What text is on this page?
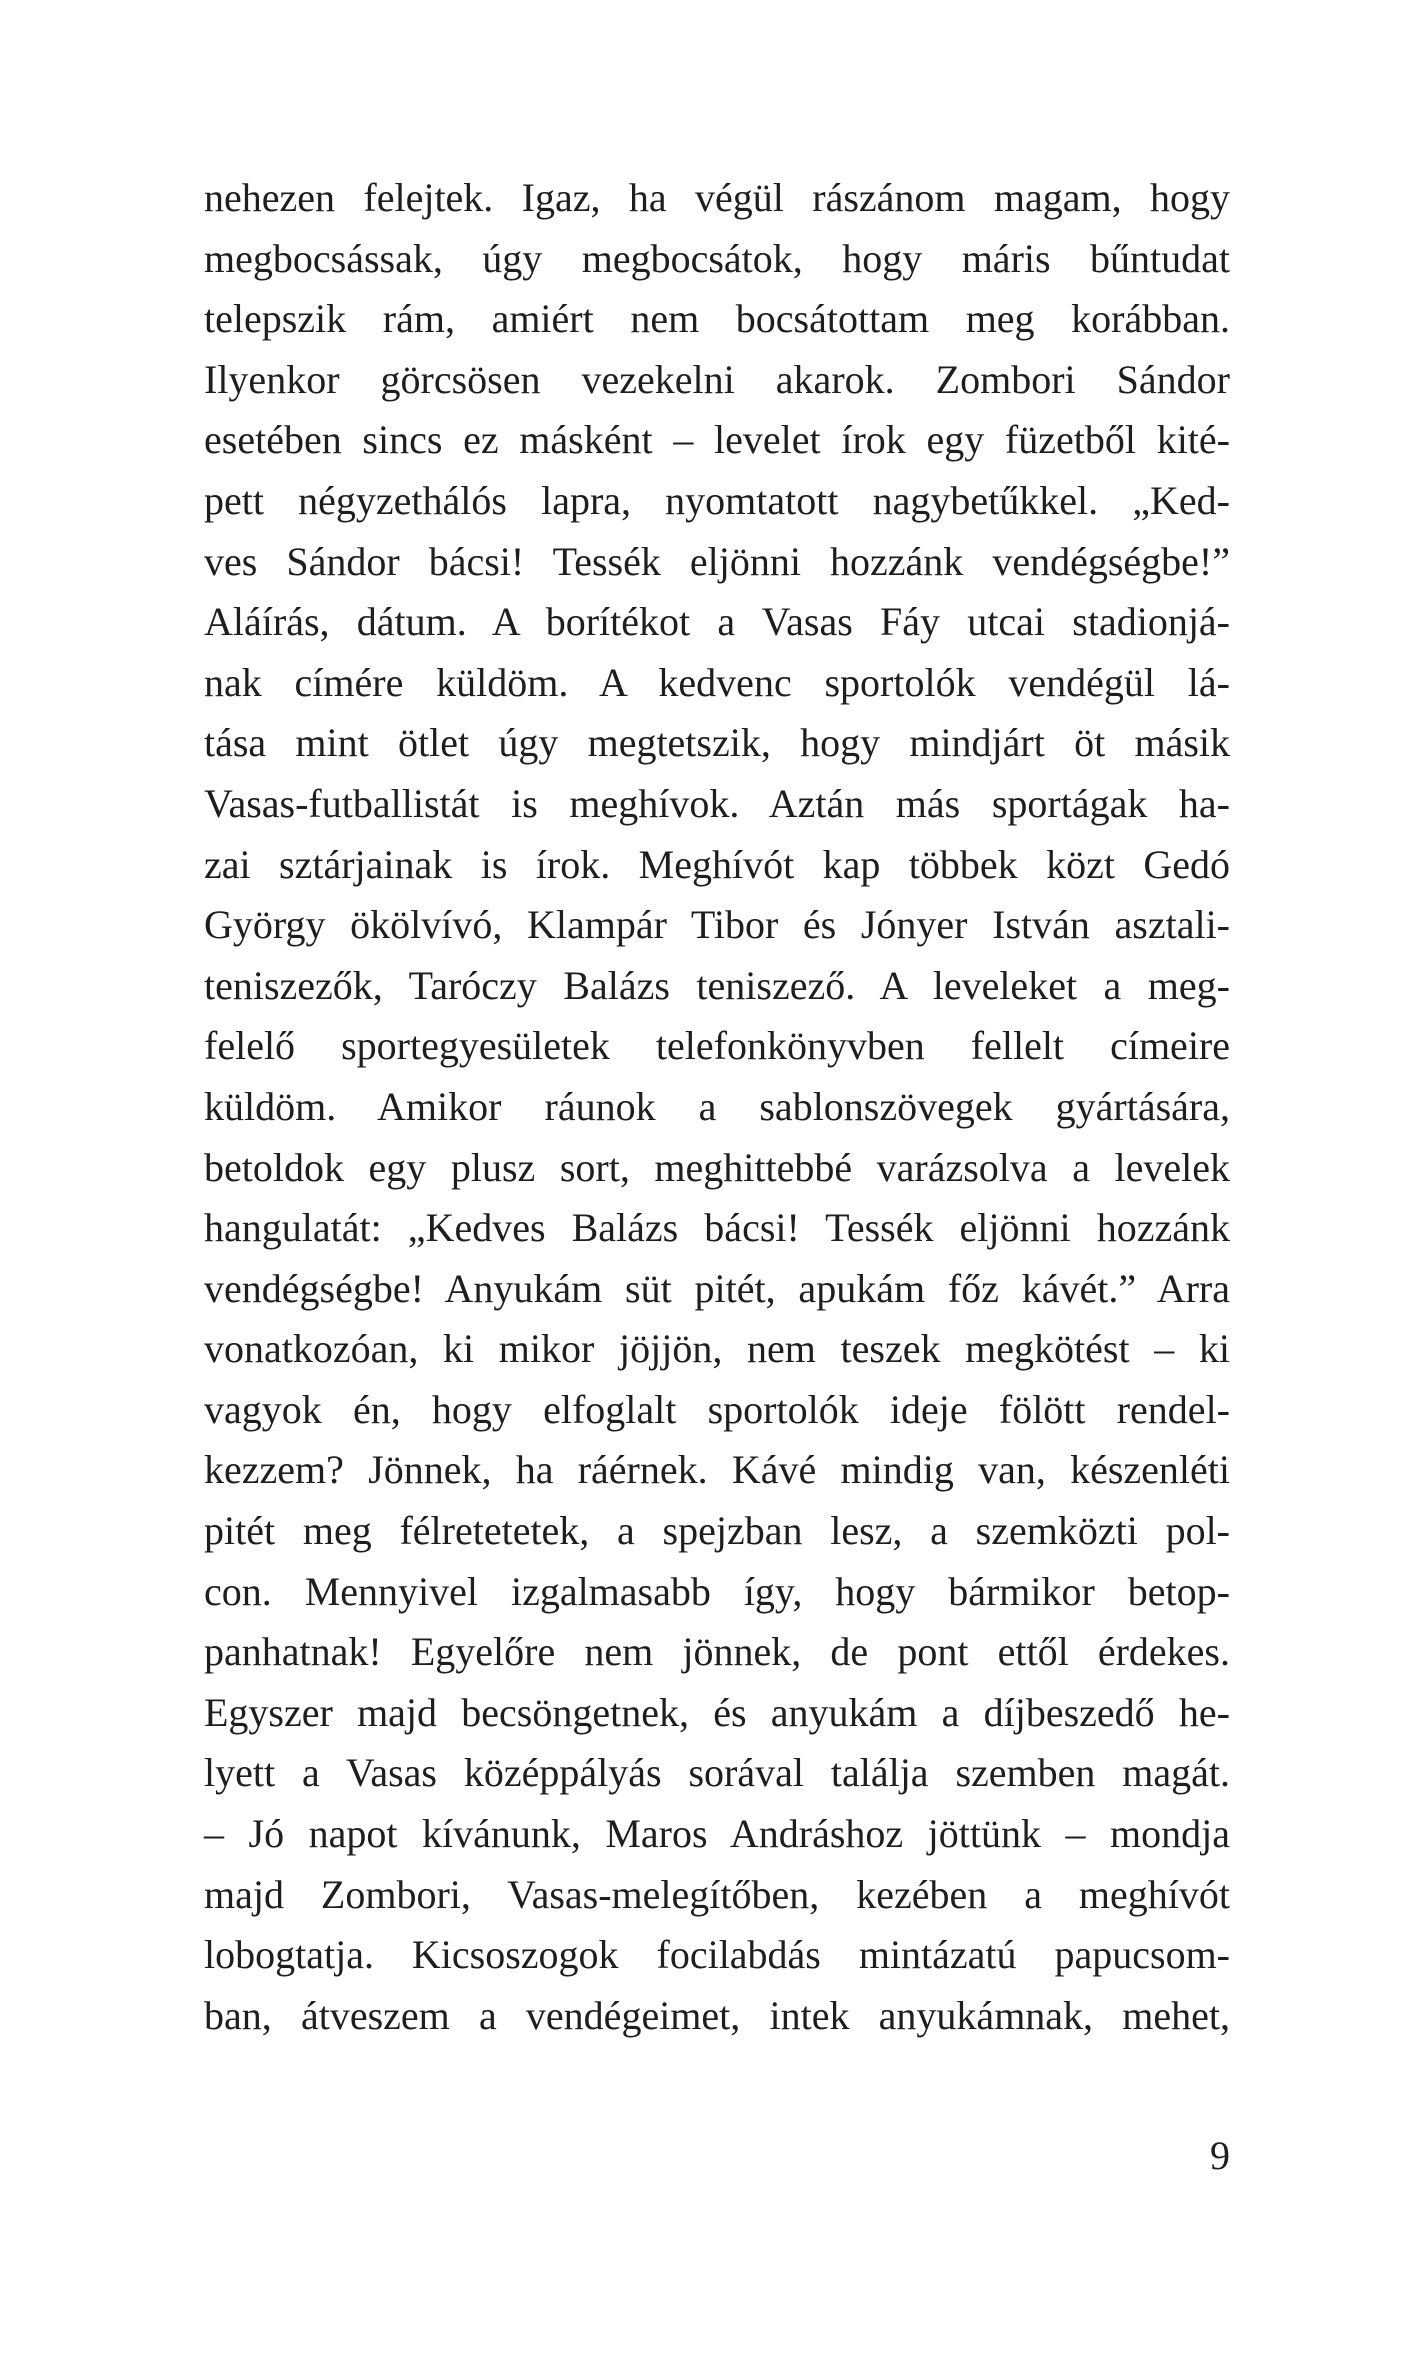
nehezen felejtek. Igaz, ha végül rászánom magam, hogy
megbocsássak, úgy megbocsátok, hogy máris bűntudat
telepszik rám, amiért nem bocsátottam meg korábban.
Ilyenkor görcsösen vezekelni akarok. Zombori Sándor
esetében sincs ez másként – levelet írok egy füzetből kité-
pett négyzethálós lapra, nyomtatott nagybetűkkel. „Ked-
ves Sándor bácsi! Tessék eljönni hozzánk vendégségbe!”
Aláírás, dátum. A borítékot a Vasas Fáy utcai stadionjá-
nak címére küldöm. A kedvenc sportolók vendégül lá-
tása mint ötlet úgy megtetszik, hogy mindjárt öt másik
Vasas-futballistát is meghívok. Aztán más sportágak ha-
zai sztárjainak is írok. Meghívót kap többek közt Gedó
György ökölvívó, Klampár Tibor és Jónyer István asztali-
teniszezők, Taróczy Balázs teniszező. A leveleket a meg-
felelő sportegyesületek telefonkönyvben fellelt címeire
küldöm. Amikor ráunok a sablonszövegek gyártására,
betoldok egy plusz sort, meghittebbé varázsolva a levelek
hangulatát: „Kedves Balázs bácsi! Tessék eljönni hozzánk
vendégségbe! Anyukám süt pitét, apukám főz kávét.” Arra
vonatkozóan, ki mikor jöjjön, nem teszek megkötést – ki
vagyok én, hogy elfoglalt sportolók ideje fölött rendel-
kezzem? Jönnek, ha ráérnek. Kávé mindig van, készenléti
pitét meg félretetetek, a spejzban lesz, a szemközti pol-
con. Mennyivel izgalmasabb így, hogy bármikor betop-
panhatnak! Egyelőre nem jönnek, de pont ettől érdekes.
Egyszer majd becsöngetnek, és anyukám a díjbeszedő he-
lyett a Vasas középpályás sorával találja szemben magát.
– Jó napot kívánunk, Maros Andráshoz jöttünk – mondja
majd Zombori, Vasas-melegítőben, kezében a meghívót
lobogtatja. Kicsoszogok focilabdás mintázatú papucsom-
ban, átveszem a vendégeimet, intek anyukámnak, mehet,
9
